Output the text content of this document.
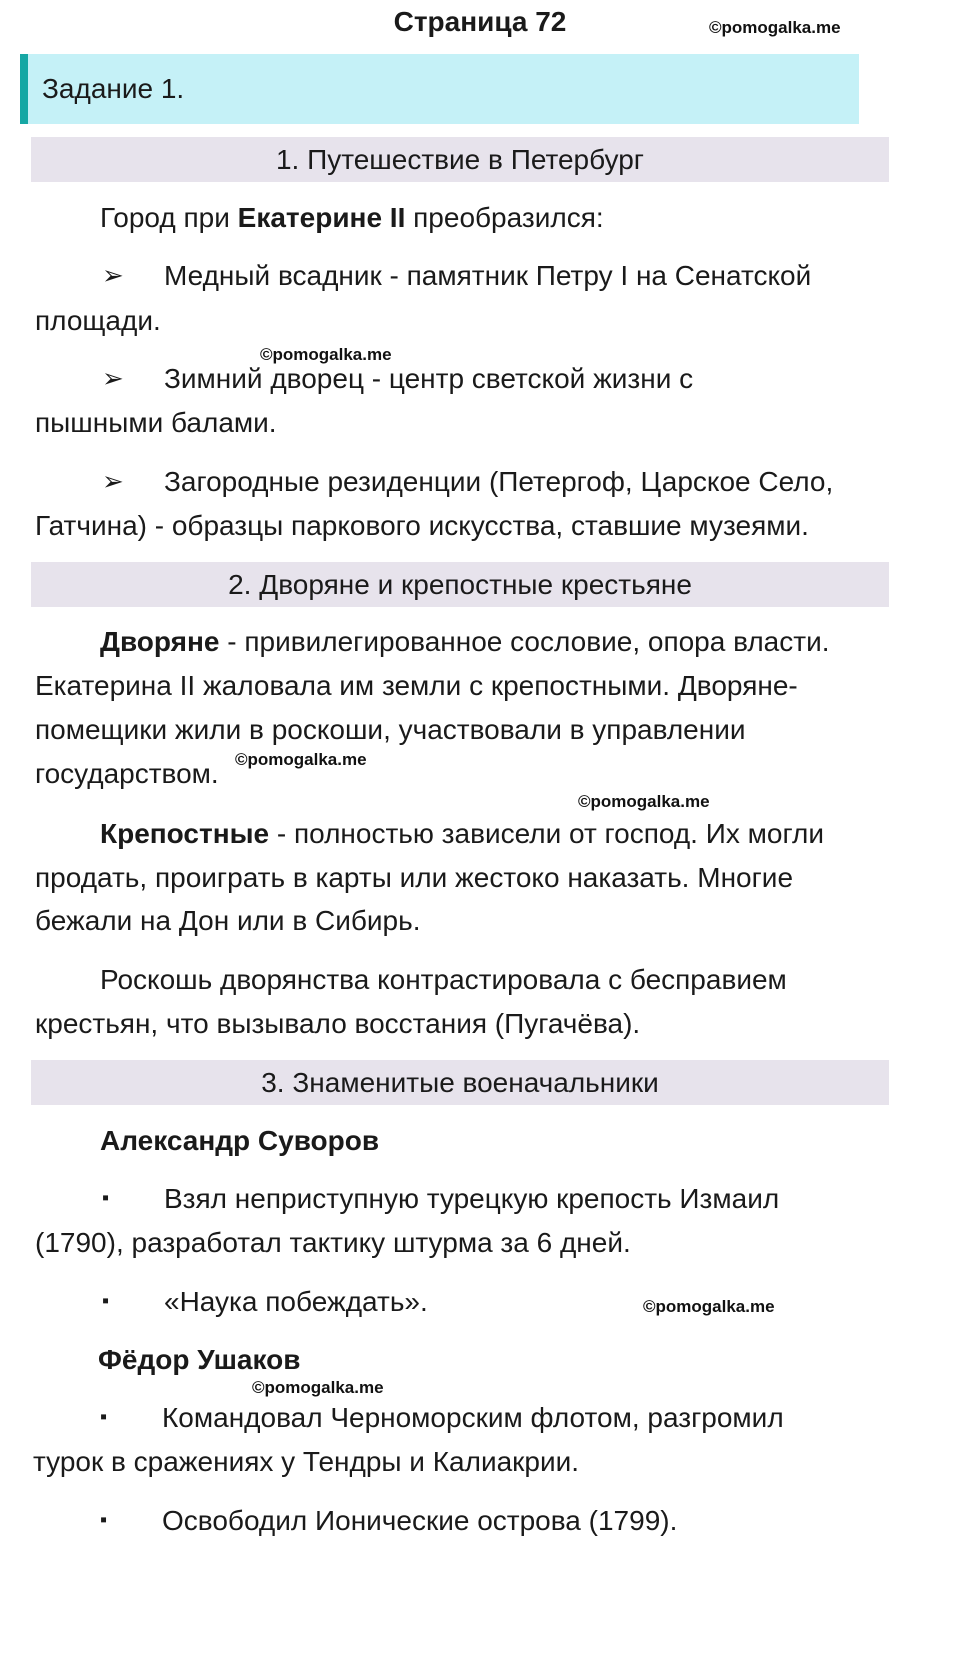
Страница 72	©pomogalka.me
Задание 1.
1. Путешествие в Петербург
Город при Екатерине II преобразился:
➢ Медный всадник - памятник Петру I на Сенатской
площади.
©pomogalka.me
➢ Зимний дворец - центр светской жизни с
пышными балами.
➢ Загородные резиденции (Петергоф, Царское Село,
Гатчина) - образцы паркового искусства, ставшие музеями.
2. Дворяне и крепостные крестьяне
Дворяне - привилегированное сословие, опора власти.
Екатерина II жаловала им земли с крепостными. Дворяне-
помещики жили в роскоши, участвовали в управлении
государством. ©pomogalka.me
©pomogalka.me
Крепостные - полностью зависели от господ. Их могли
продать, проиграть в карты или жестоко наказать. Многие
бежали на Дон или в Сибирь.
Роскошь дворянства контрастировала с бесправием
крестьян, что вызывало восстания (Пугачёва).
3. Знаменитые военачальники
Александр Суворов
▪ Взял неприступную турецкую крепость Измаил
(1790), разработал тактику штурма за 6 дней.
▪ «Наука побеждать».	©pomogalka.me
Фёдор Ушаков
©pomogalka.me
▪ Командовал Черноморским флотом, разгромил
турок в сражениях у Тендры и Калиакрии.
▪ Освободил Ионические острова (1799).
